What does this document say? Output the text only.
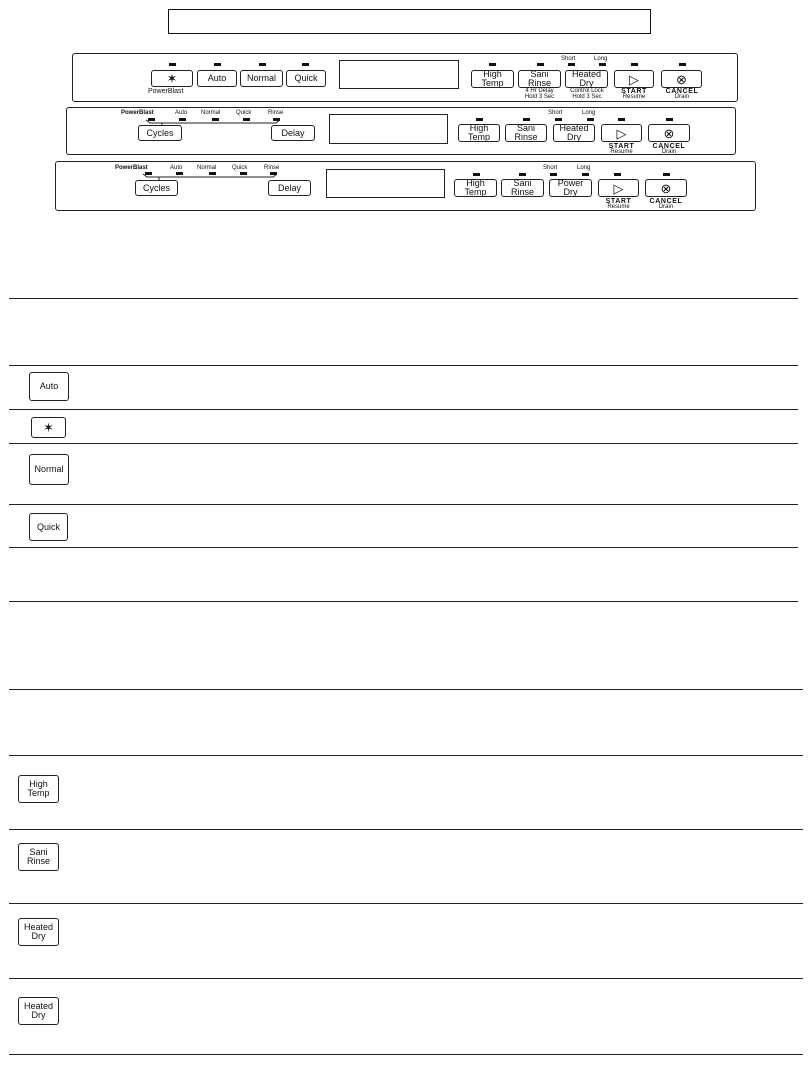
✶
PowerBlast
Auto	Normal	Quick
Short	Long
High
Temp
Sani
Rinse
Heated
Dry	▷	⊗
4 Hr Delay
Hold 3 Sec
Control Lock
Hold 3 Sec
START
Resume
CANCEL
Drain
PowerBlast	Auto Normal	Quick	Rinse
Cycles	Delay
Short	Long
High
Temp
Sani
Rinse
Heated
Dry	▷	⊗
START
Resume
CANCEL
Drain
PowerBlast	Auto Normal	Quick	Rinse
Cycles	Delay
Short	Long
High
Temp
Sani
Rinse
Power
Dry	▷	⊗
START
Resume
CANCEL
Drain
Auto
✶
Normal
Quick
High
Temp
Sani
Rinse
Heated
Dry
Heated
Dry
